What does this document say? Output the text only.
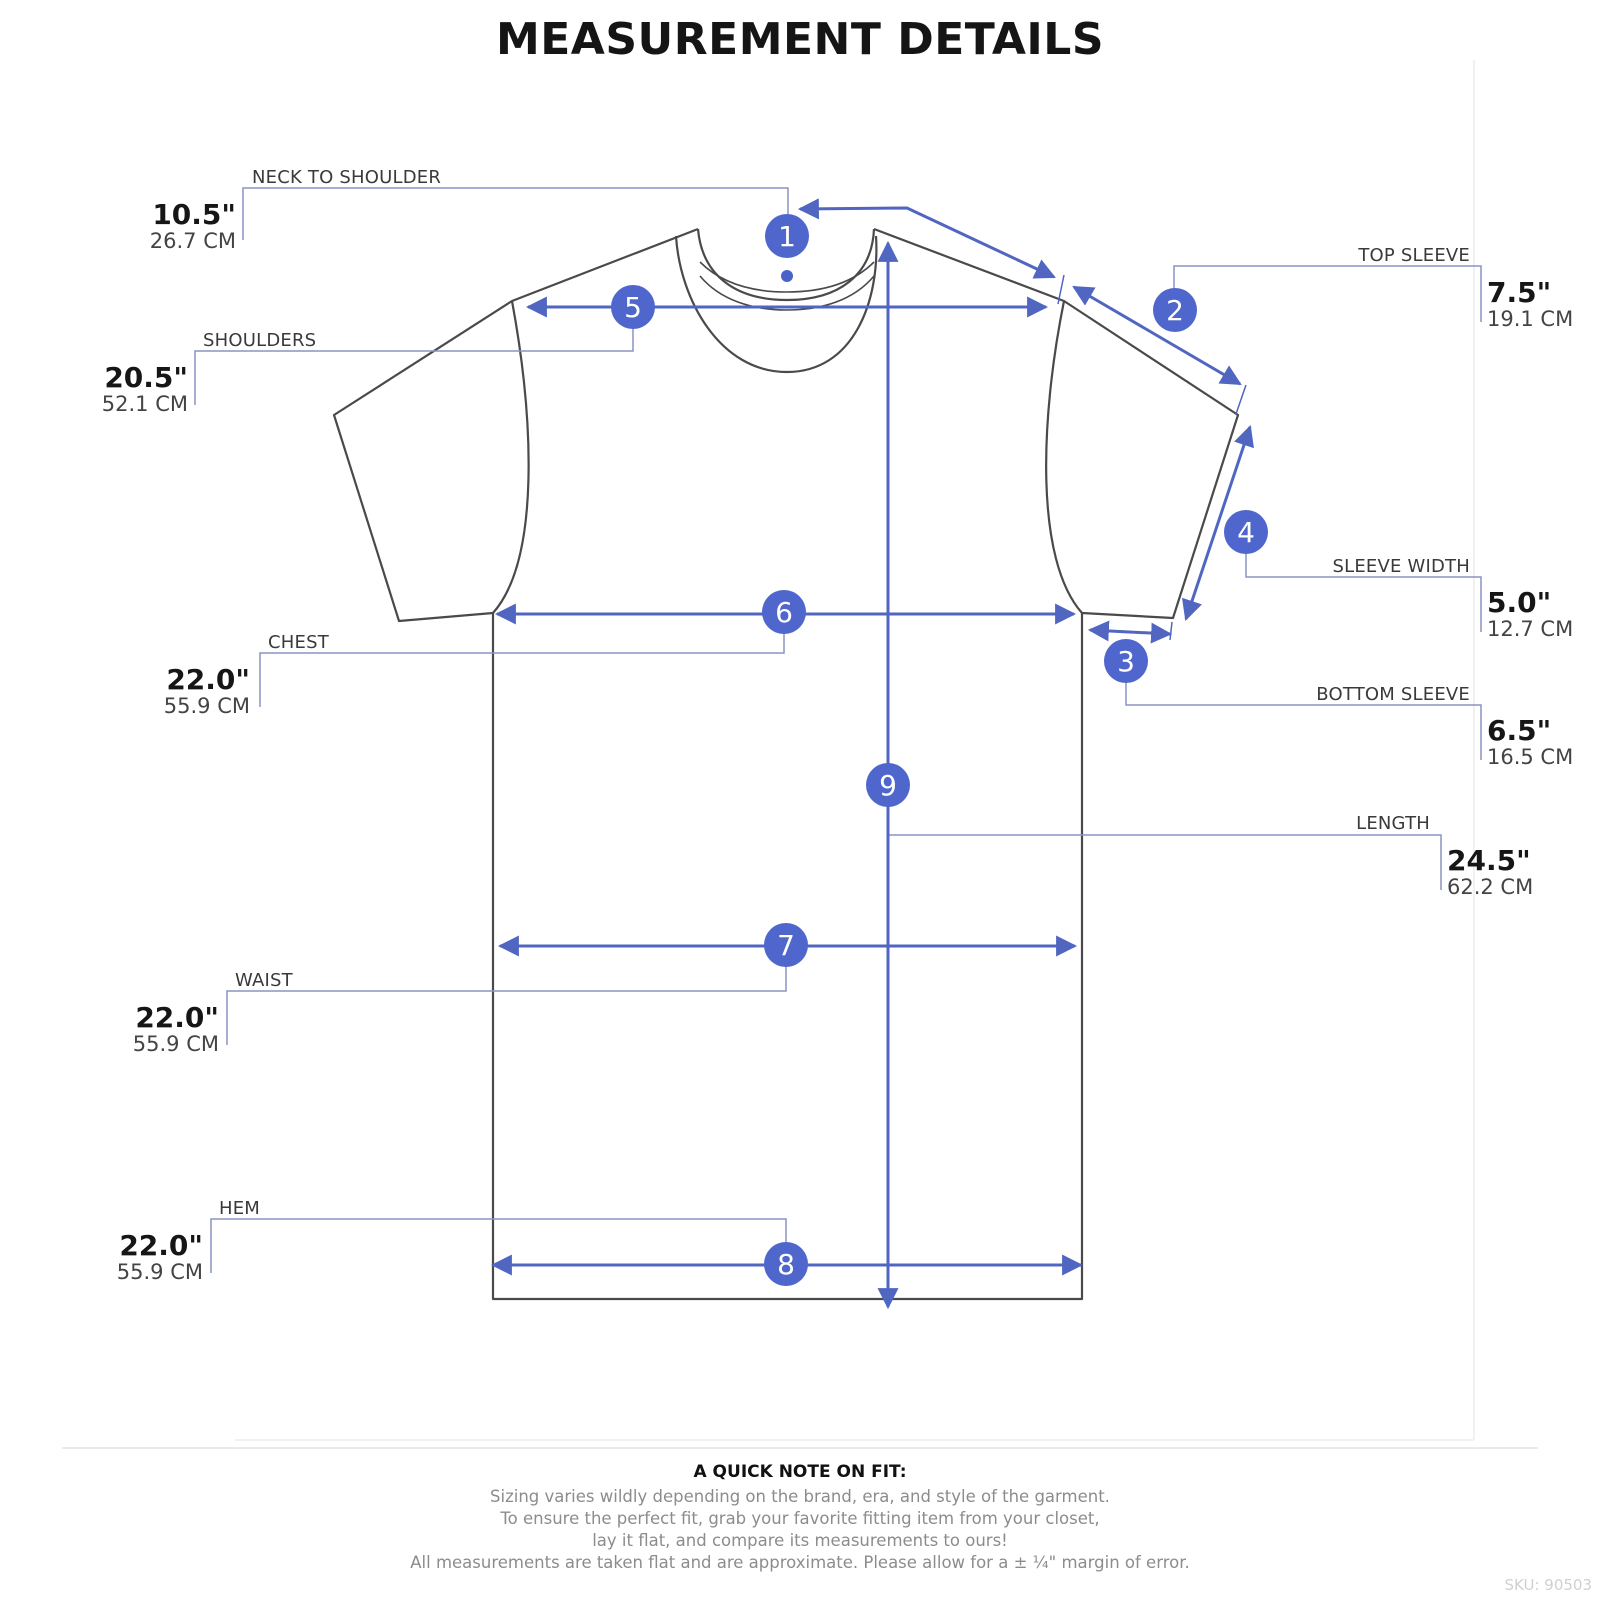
MEASUREMENT DETAILS
1
2
3
4
5
6
7
8
9
NECK TO SHOULDER
10.5"
26.7 CM
SHOULDERS
20.5"
52.1 CM
CHEST
22.0"
55.9 CM
WAIST
22.0"
55.9 CM
HEM
22.0"
55.9 CM
TOP SLEEVE
7.5"
19.1 CM
SLEEVE WIDTH
5.0"
12.7 CM
BOTTOM SLEEVE
6.5"
16.5 CM
LENGTH
24.5"
62.2 CM
A QUICK NOTE ON FIT:
Sizing varies wildly depending on the brand, era, and style of the garment.
To ensure the perfect fit, grab your favorite fitting item from your closet,
lay it flat, and compare its measurements to ours!
All measurements are taken flat and are approximate. Please allow for a ± ¼" margin of error.
SKU: 90503
